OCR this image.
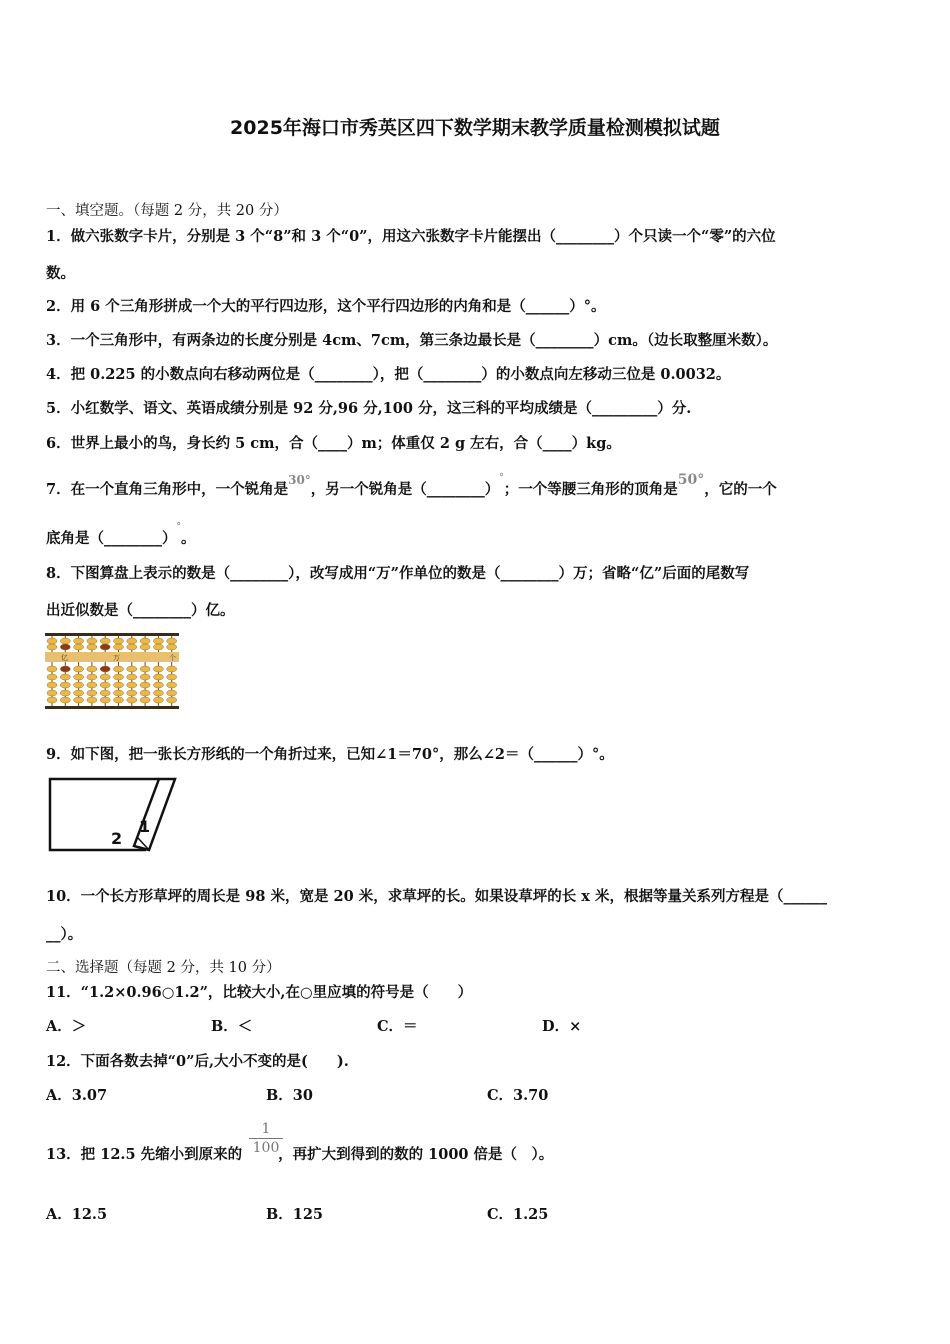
2025年海口市秀英区四下数学期末教学质量检测模拟试题
一、填空题。（每题 2 分，共 20 分）
1．做六张数字卡片，分别是 3 个“8”和 3 个“0”，用这六张数字卡片能摆出（________）个只读一个“零”的六位
数。
2．用 6 个三角形拼成一个大的平行四边形，这个平行四边形的内角和是（______）°。
3．一个三角形中，有两条边的长度分别是 4cm、7cm，第三条边最长是（________）cm。（边长取整厘米数）。
4．把 0.225 的小数点向右移动两位是（________），把（________）的小数点向左移动三位是 0.0032。
5．小红数学、语文、英语成绩分别是 92 分,96 分,100 分，这三科的平均成绩是（_________）分.
6．世界上最小的鸟，身长约 5 cm，合（____）m；体重仅 2 g 左右，合（____）kg。
7．在一个直角三角形中，一个锐角是$^{30^\circ}$，另一个锐角是（________）°；一个等腰三角形的顶角是50°，它的一个
底角是（________）°。
8．下图算盘上表示的数是（________），改写成用“万”作单位的数是（________）万；省略“亿”后面的尾数写
出近似数是（________）亿。
亿	万	个
9．如下图，把一张长方形纸的一个角折过来，已知∠1＝70°，那么∠2＝（______）°。
1
2
10．一个长方形草坪的周长是 98 米，宽是 20 米，求草坪的长。如果设草坪的长 x 米，根据等量关系列方程是（______
__）。
二、选择题（每题 2 分，共 10 分）
11．“1.2×0.96○1.2”，比较大小,在○里应填的符号是（　　）
A．＞	B．＜	C．＝	D．×
12．下面各数去掉“0”后,大小不变的是(　　).
A．3.07	B．30	C．3.70
13．把 12.5 先缩小到原来的 ，再扩大到得到的数的 1000 倍是（　）。
$\frac{1}{100}$
A．12.5	B．125	C．1.25
